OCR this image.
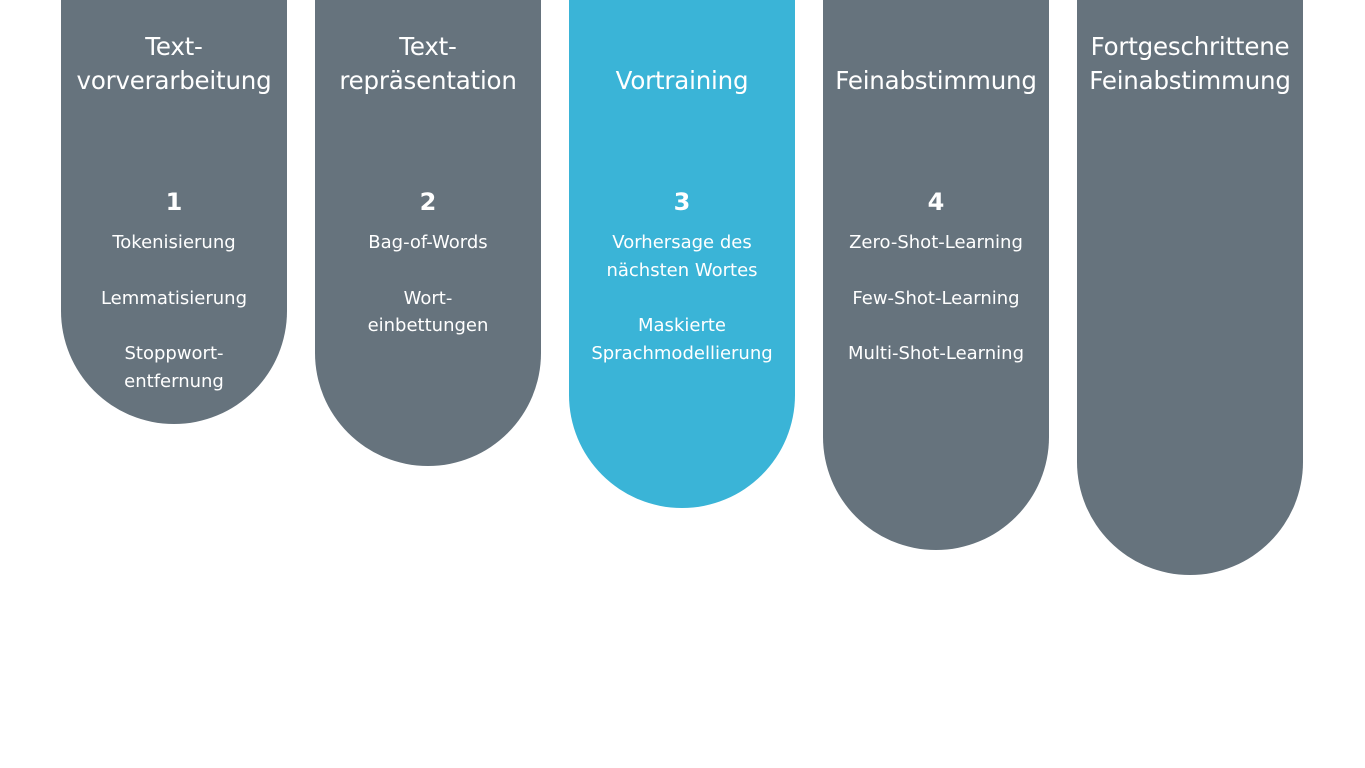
Text-
vorverarbeitung
1
Tokenisierung
Lemmatisierung
Stoppwort-
entfernung
Text-
repräsentation
2
Bag-of-Words
Wort-
einbettungen
Vortraining
3
Vorhersage des
nächsten Wortes
Maskierte
Sprachmodellierung
Feinabstimmung
4
Zero-Shot-Learning
Few-Shot-Learning
Multi-Shot-Learning
Fortgeschrittene
Feinabstimmung
